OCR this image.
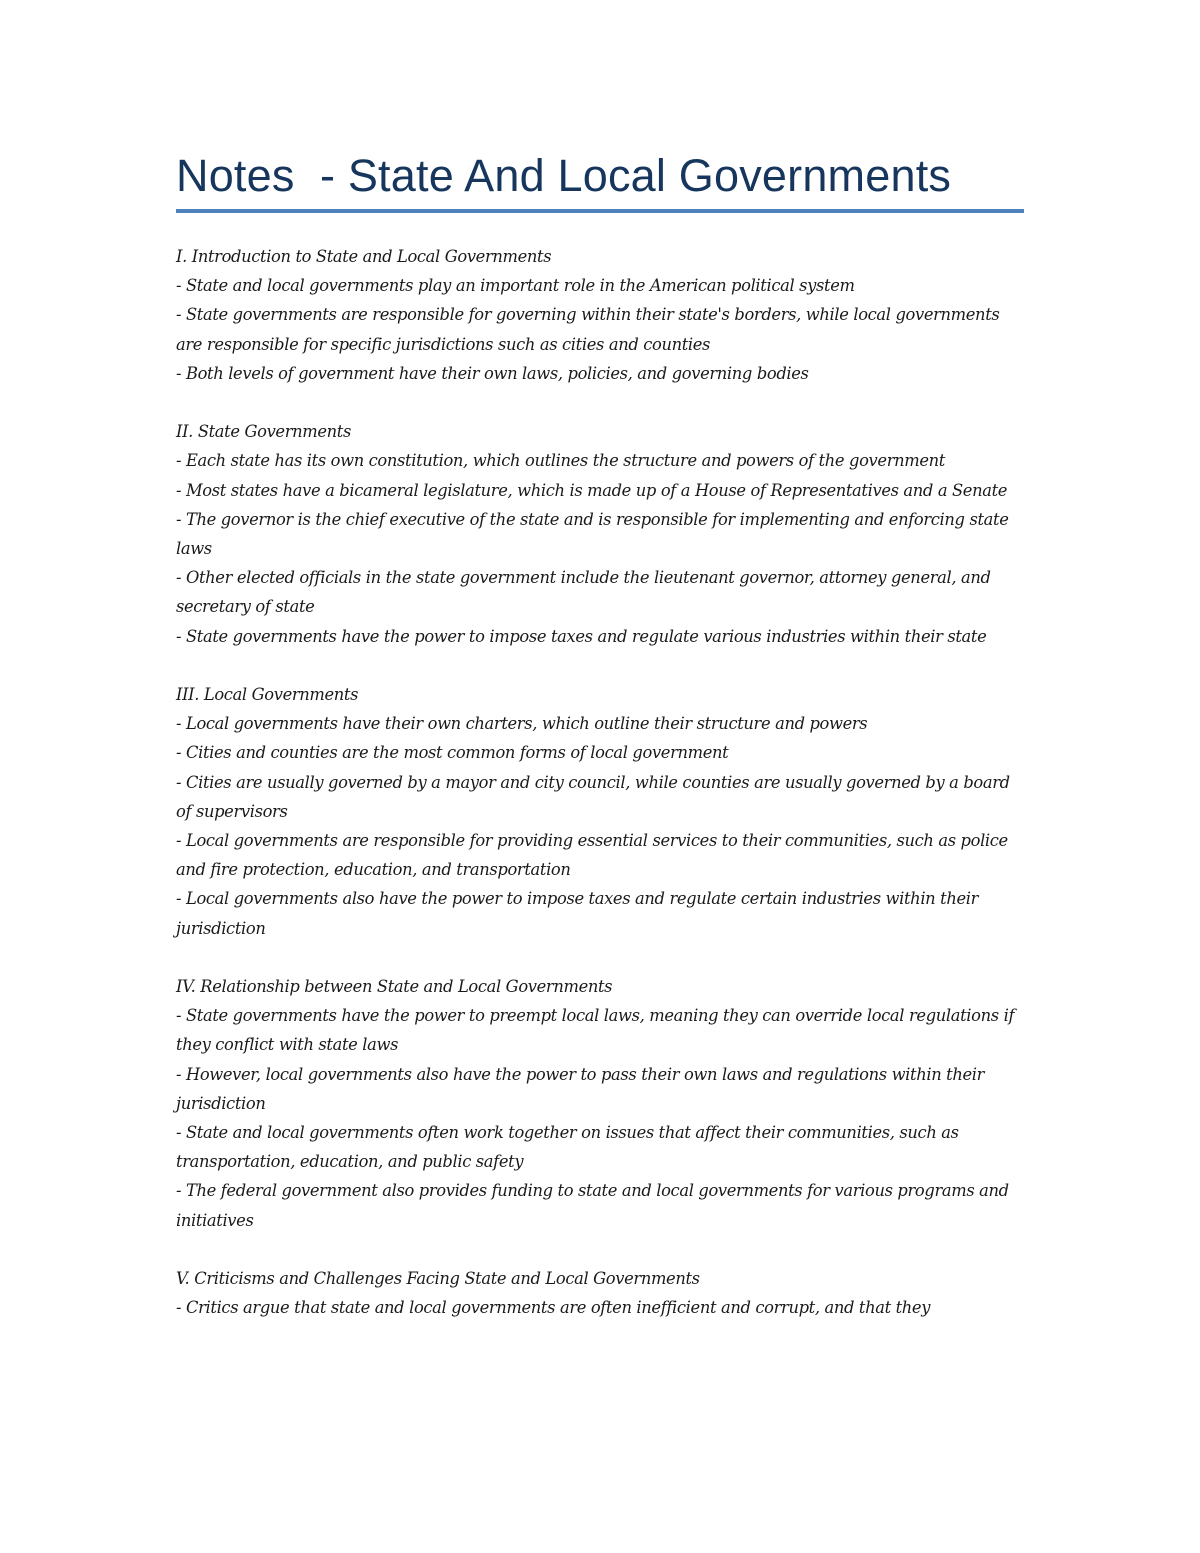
Notes  - State And Local Governments

I. Introduction to State and Local Governments

- State and local governments play an important role in the American political system

- State governments are responsible for governing within their state's borders, while local governments are responsible for specific jurisdictions such as cities and counties

- Both levels of government have their own laws, policies, and governing bodies

II. State Governments

- Each state has its own constitution, which outlines the structure and powers of the government

- Most states have a bicameral legislature, which is made up of a House of Representatives and a Senate

- The governor is the chief executive of the state and is responsible for implementing and enforcing state laws

- Other elected officials in the state government include the lieutenant governor, attorney general, and secretary of state

- State governments have the power to impose taxes and regulate various industries within their state

III. Local Governments

- Local governments have their own charters, which outline their structure and powers

- Cities and counties are the most common forms of local government

- Cities are usually governed by a mayor and city council, while counties are usually governed by a board of supervisors

- Local governments are responsible for providing essential services to their communities, such as police and fire protection, education, and transportation

- Local governments also have the power to impose taxes and regulate certain industries within their jurisdiction

IV. Relationship between State and Local Governments

- State governments have the power to preempt local laws, meaning they can override local regulations if they conflict with state laws

- However, local governments also have the power to pass their own laws and regulations within their jurisdiction

- State and local governments often work together on issues that affect their communities, such as transportation, education, and public safety

- The federal government also provides funding to state and local governments for various programs and initiatives

V. Criticisms and Challenges Facing State and Local Governments

- Critics argue that state and local governments are often inefficient and corrupt, and that they
